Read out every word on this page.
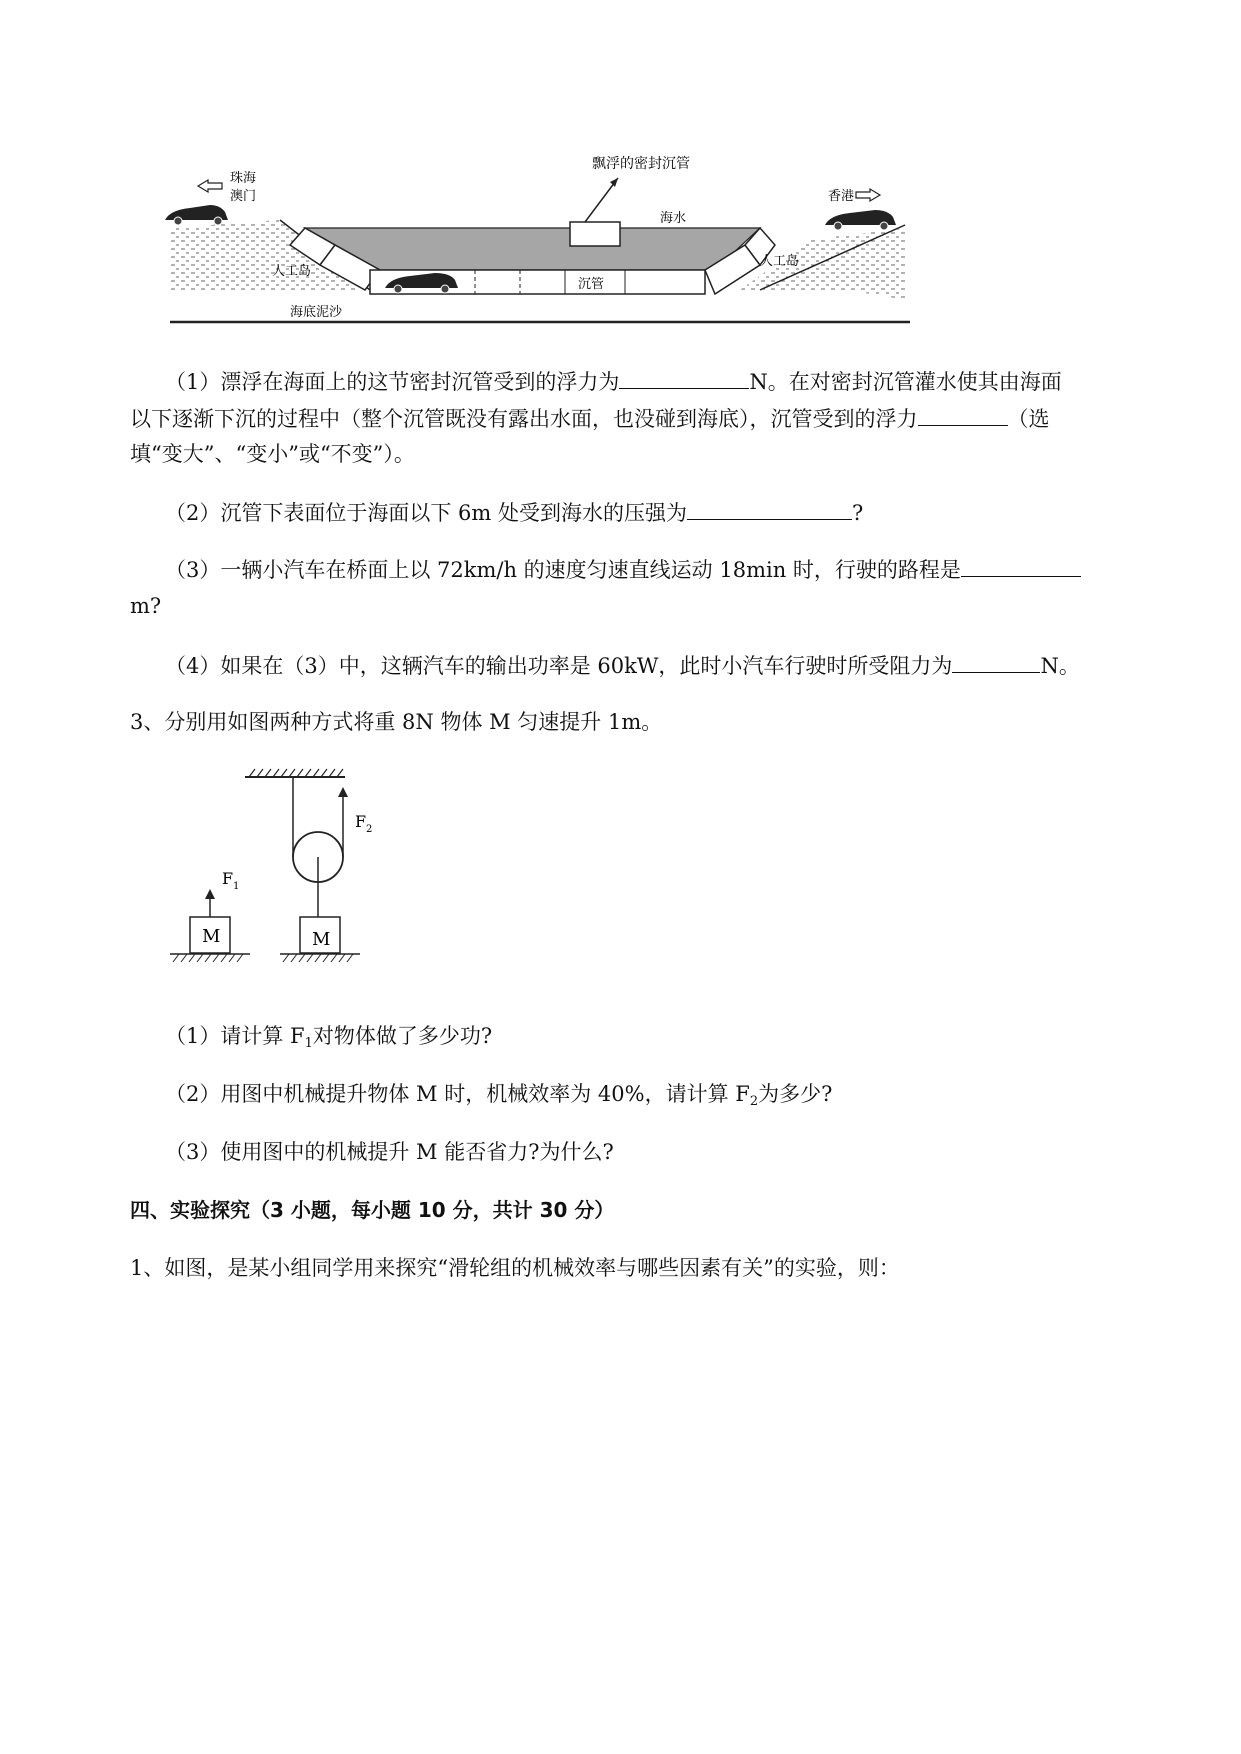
珠海
澳门
飘浮的密封沉管
香港
海水
人工岛
人工岛
沉管
海底泥沙
（1）漂浮在海面上的这节密封沉管受到的浮力为	N。在对密封沉管灌水使其由海面
以下逐渐下沉的过程中（整个沉管既没有露出水面，也没碰到海底），沉管受到的浮力	（选
填“变大”、“变小”或“不变”）。
（2）沉管下表面位于海面以下 6m 处受到海水的压强为	?
（3）一辆小汽车在桥面上以 72km/h 的速度匀速直线运动 18min 时，行驶的路程是
m?
（4）如果在（3）中，这辆汽车的输出功率是 60kW，此时小汽车行驶时所受阻力为	N。
3、分别用如图两种方式将重 8N 物体 M 匀速提升 1m。
F 1
F 2
M	M
（1）请计算 $F_1$对物体做了多少功?
（2）用图中机械提升物体 M 时，机械效率为 40%，请计算 $F_2$为多少?
（3）使用图中的机械提升 M 能否省力?为什么?
四、实验探究（3 小题，每小题 10 分，共计 30 分）
1、如图，是某小组同学用来探究“滑轮组的机械效率与哪些因素有关”的实验，则：
